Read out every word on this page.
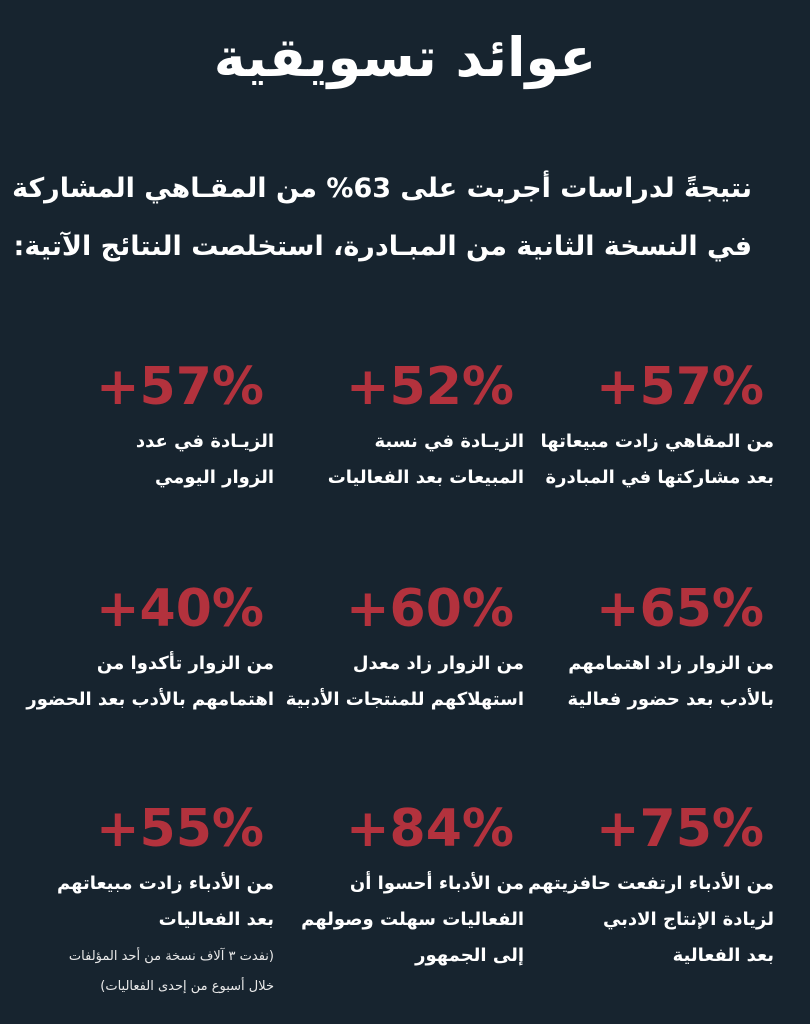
عوائد تسويقية
نتيجةً لدراسات أجريت على 63% من المقـاهي المشاركة
في النسخة الثانية من المبـادرة، استخلصت النتائج الآتية:
+57%
من المقاهي زادت مبيعاتها
بعد مشاركتها في المبادرة
+52%
الزيـادة في نسبة
المبيعات بعد الفعاليات
+57%
الزيـادة في عدد
الزوار اليومي
+65%
من الزوار زاد اهتمامهم
بالأدب بعد حضور فعالية
+60%
من الزوار زاد معدل
استهلاكهم للمنتجات الأدبية
+40%
من الزوار تأكدوا من
اهتمامهم بالأدب بعد الحضور
+75%
من الأدباء ارتفعت حافزيتهم
لزيادة الإنتاج الادبي
بعد الفعالية
+84%
من الأدباء أحسوا أن
الفعاليات سهلت وصولهم
إلى الجمهور
+55%
من الأدباء زادت مبيعاتهم
بعد الفعاليات
(نفدت ٣ آلاف نسخة من أحد المؤلفات
خلال أسبوع من إحدى الفعاليات)
